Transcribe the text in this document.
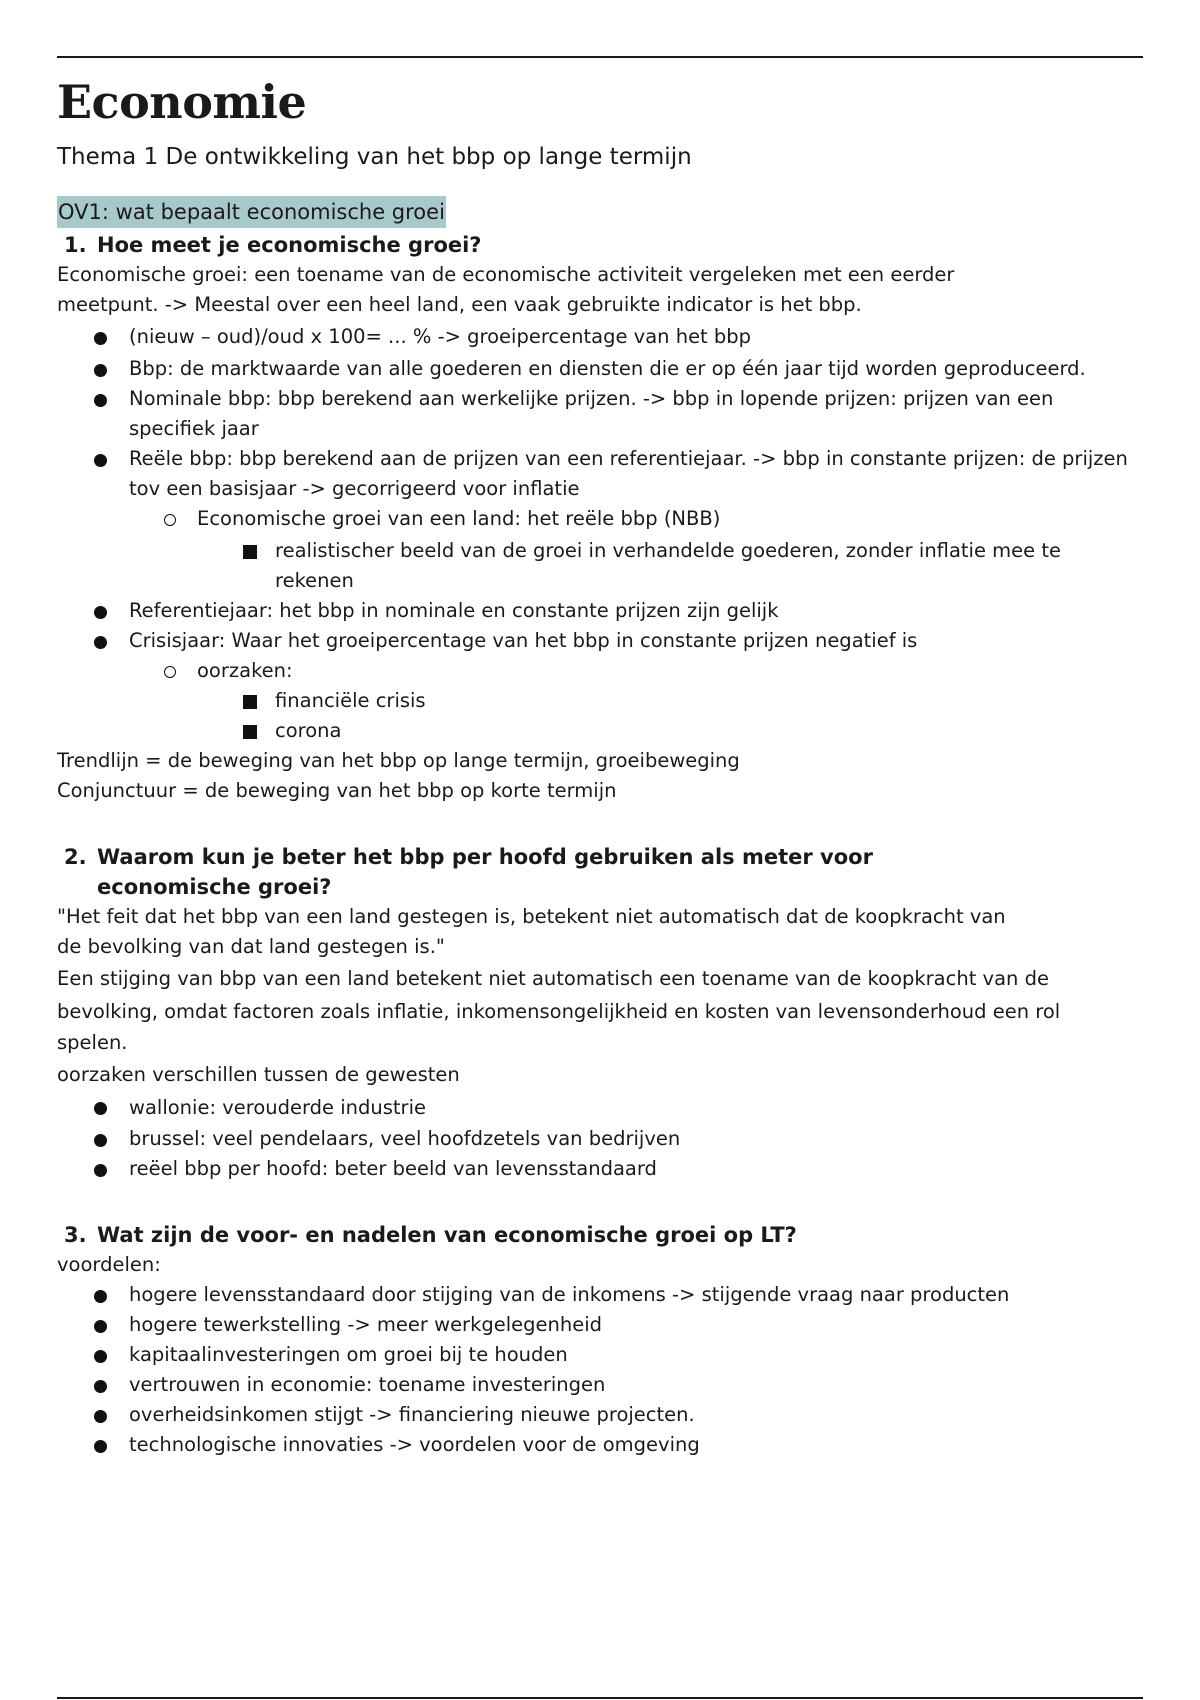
Economie

Thema 1 De ontwikkeling van het bbp op lange termijn

OV1: wat bepaalt economische groei
1. Hoe meet je economische groei?

Economische groei: een toename van de economische activiteit vergeleken met een eerder

meetpunt. -> Meestal over een heel land, een vaak gebruikte indicator is het bbp.

(nieuw – oud)/oud x 100= ... % -> groeipercentage van het bbp
Bbp: de marktwaarde van alle goederen en diensten die er op één jaar tijd worden geproduceerd.
Nominale bbp: bbp berekend aan werkelijke prijzen. -> bbp in lopende prijzen: prijzen van een specifiek jaar
Reële bbp: bbp berekend aan de prijzen van een referentiejaar. -> bbp in constante prijzen: de prijzen tov een basisjaar -> gecorrigeerd voor inflatie
Economische groei van een land: het reële bbp (NBB)
realistischer beeld van de groei in verhandelde goederen, zonder inflatie mee te rekenen
Referentiejaar: het bbp in nominale en constante prijzen zijn gelijk
Crisisjaar: Waar het groeipercentage van het bbp in constante prijzen negatief is
oorzaken:
financiële crisis
corona

Trendlijn = de beweging van het bbp op lange termijn, groeibeweging

Conjunctuur = de beweging van het bbp op korte termijn

2. Waarom kun je beter het bbp per hoofd gebruiken als meter voor economische groei?

"Het feit dat het bbp van een land gestegen is, betekent niet automatisch dat de koopkracht van

de bevolking van dat land gestegen is."

Een stijging van bbp van een land betekent niet automatisch een toename van de koopkracht van de

bevolking, omdat factoren zoals inflatie, inkomensongelijkheid en kosten van levensonderhoud een rol

spelen.

oorzaken verschillen tussen de gewesten

wallonie: verouderde industrie
brussel: veel pendelaars, veel hoofdzetels van bedrijven
reëel bbp per hoofd: beter beeld van levensstandaard
3. Wat zijn de voor- en nadelen van economische groei op LT?

voordelen:

hogere levensstandaard door stijging van de inkomens -> stijgende vraag naar producten
hogere tewerkstelling -> meer werkgelegenheid
kapitaalinvesteringen om groei bij te houden
vertrouwen in economie: toename investeringen
overheidsinkomen stijgt -> financiering nieuwe projecten.
technologische innovaties -> voordelen voor de omgeving
